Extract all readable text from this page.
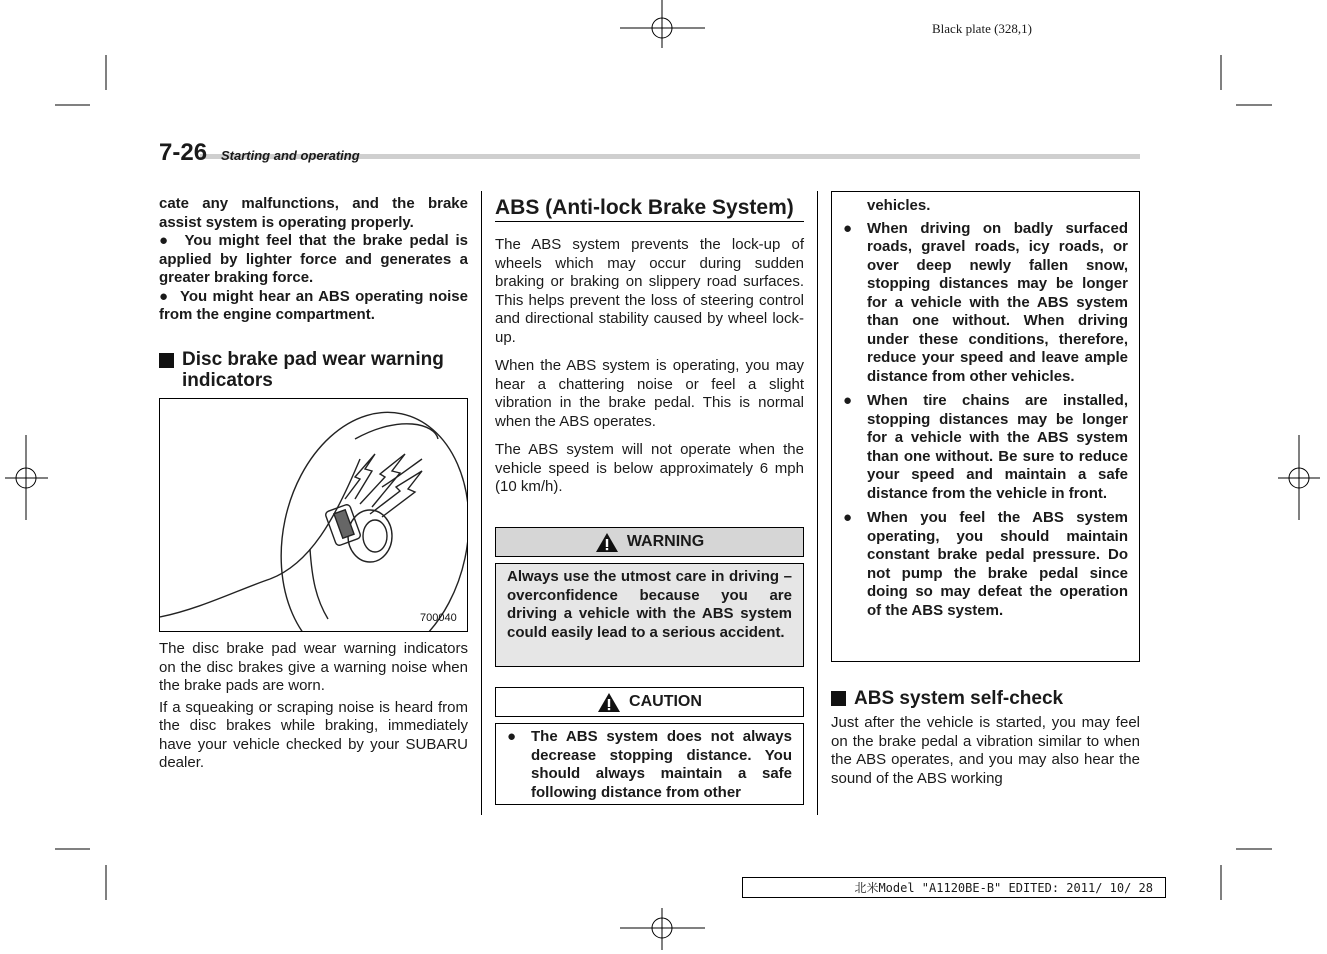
Black plate (328,1)
7-26 Starting and operating

cate any malfunctions, and the brake assist system is operating properly.

●  You might feel that the brake pedal is applied by lighter force and generates a greater braking force.

●  You might hear an ABS operating noise from the engine compartment.

Disc brake pad wear warning indicators
700040

The disc brake pad wear warning indicators on the disc brakes give a warning noise when the brake pads are worn.

If a squeaking or scraping noise is heard from the disc brakes while braking, immediately have your vehicle checked by your SUBARU dealer.

ABS (Anti-lock Brake System)

The ABS system prevents the lock-up of wheels which may occur during sudden braking or braking on slippery road surfaces. This helps prevent the loss of steering control and directional stability caused by wheel lock-up.

When the ABS system is operating, you may hear a chattering noise or feel a slight vibration in the brake pedal. This is normal when the ABS operates.

The ABS system will not operate when the vehicle speed is below approximately 6 mph (10 km/h).

WARNING
Always use the utmost care in driving – overconfidence because you are driving a vehicle with the ABS system could easily lead to a serious accident.
CAUTION
● The ABS system does not always decrease stopping distance. You should always maintain a safe following distance from other
vehicles.
● When driving on badly surfaced roads, gravel roads, icy roads, or over deep newly fallen snow, stopping distances may be longer for a vehicle with the ABS system than one without. When driving under these conditions, therefore, reduce your speed and leave ample distance from other vehicles.
● When tire chains are installed, stopping distances may be longer for a vehicle with the ABS system than one without. Be sure to reduce your speed and maintain a safe distance from the vehicle in front.
● When you feel the ABS system operating, you should maintain constant brake pedal pressure. Do not pump the brake pedal since doing so may defeat the operation of the ABS system.
ABS system self-check

Just after the vehicle is started, you may feel on the brake pedal a vibration similar to when the ABS operates, and you may also hear the sound of the ABS working

北米Model "A1120BE-B" EDITED: 2011/ 10/ 28
